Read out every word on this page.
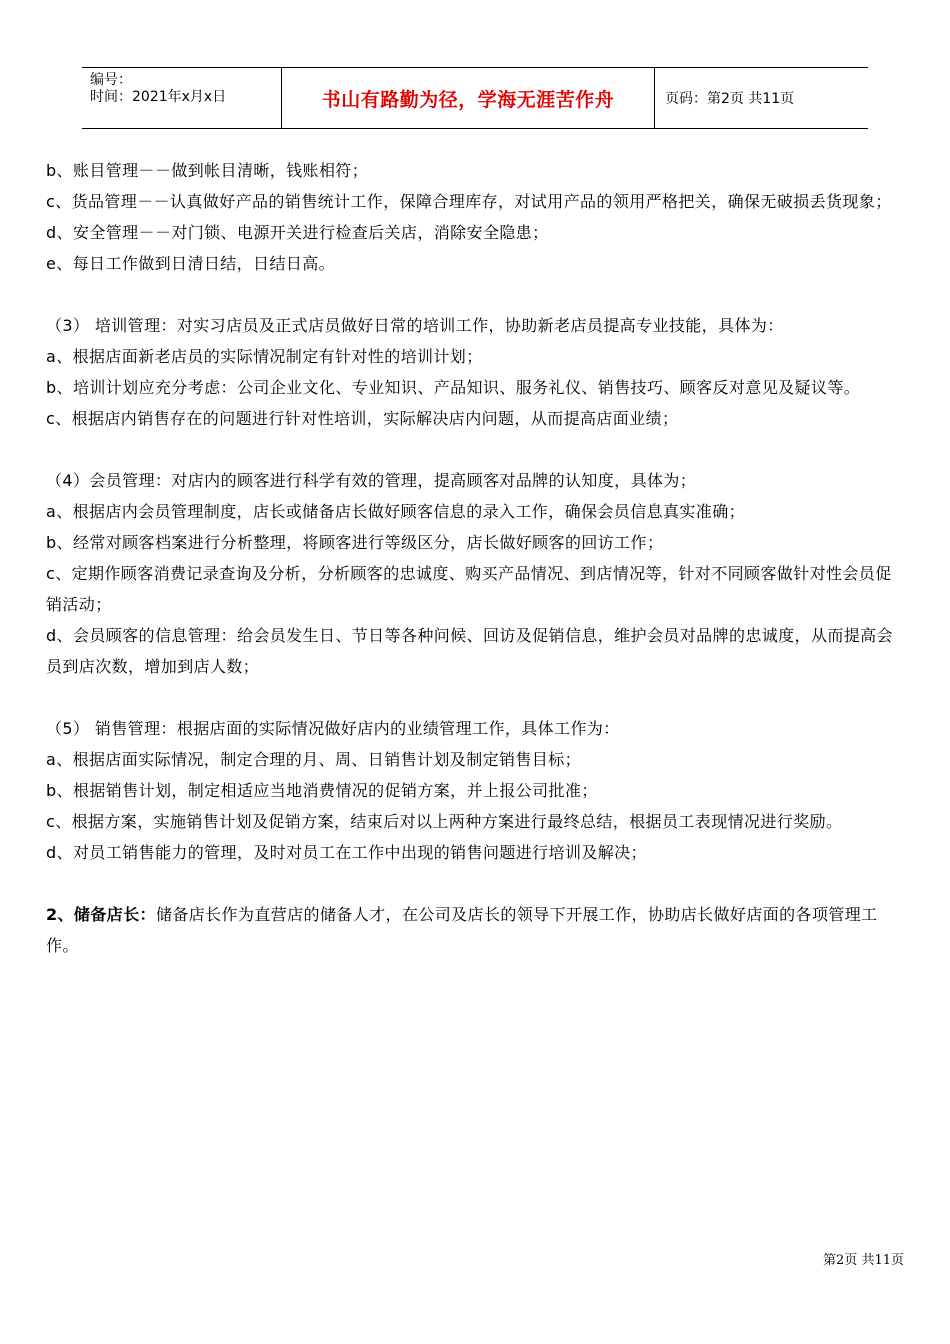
编号：
时间：2021年x月x日	书山有路勤为径，学海无涯苦作舟	页码：第2页 共11页

b、账目管理－－做到帐目清晰，钱账相符；

c、货品管理－－认真做好产品的销售统计工作，保障合理库存，对试用产品的领用严格把关，确保无破损丢货现象；

d、安全管理－－对门锁、电源开关进行检查后关店，消除安全隐患；

e、每日工作做到日清日结，日结日高。

（3） 培训管理：对实习店员及正式店员做好日常的培训工作，协助新老店员提高专业技能，具体为：

a、根据店面新老店员的实际情况制定有针对性的培训计划；

b、培训计划应充分考虑：公司企业文化、专业知识、产品知识、服务礼仪、销售技巧、顾客反对意见及疑议等。

c、根据店内销售存在的问题进行针对性培训，实际解决店内问题，从而提高店面业绩；

（4）会员管理：对店内的顾客进行科学有效的管理，提高顾客对品牌的认知度，具体为；

a、根据店内会员管理制度，店长或储备店长做好顾客信息的录入工作，确保会员信息真实准确；

b、经常对顾客档案进行分析整理，将顾客进行等级区分，店长做好顾客的回访工作；

c、定期作顾客消费记录查询及分析，分析顾客的忠诚度、购买产品情况、到店情况等，针对不同顾客做针对性会员促销活动；

d、会员顾客的信息管理：给会员发生日、节日等各种问候、回访及促销信息，维护会员对品牌的忠诚度，从而提高会员到店次数，增加到店人数；

（5） 销售管理：根据店面的实际情况做好店内的业绩管理工作，具体工作为：

a、根据店面实际情况，制定合理的月、周、日销售计划及制定销售目标；

b、根据销售计划，制定相适应当地消费情况的促销方案，并上报公司批准；

c、根据方案，实施销售计划及促销方案，结束后对以上两种方案进行最终总结，根据员工表现情况进行奖励。

d、对员工销售能力的管理，及时对员工在工作中出现的销售问题进行培训及解决；

2、储备店长：储备店长作为直营店的储备人才，在公司及店长的领导下开展工作，协助店长做好店面的各项管理工作。

第2页 共11页
